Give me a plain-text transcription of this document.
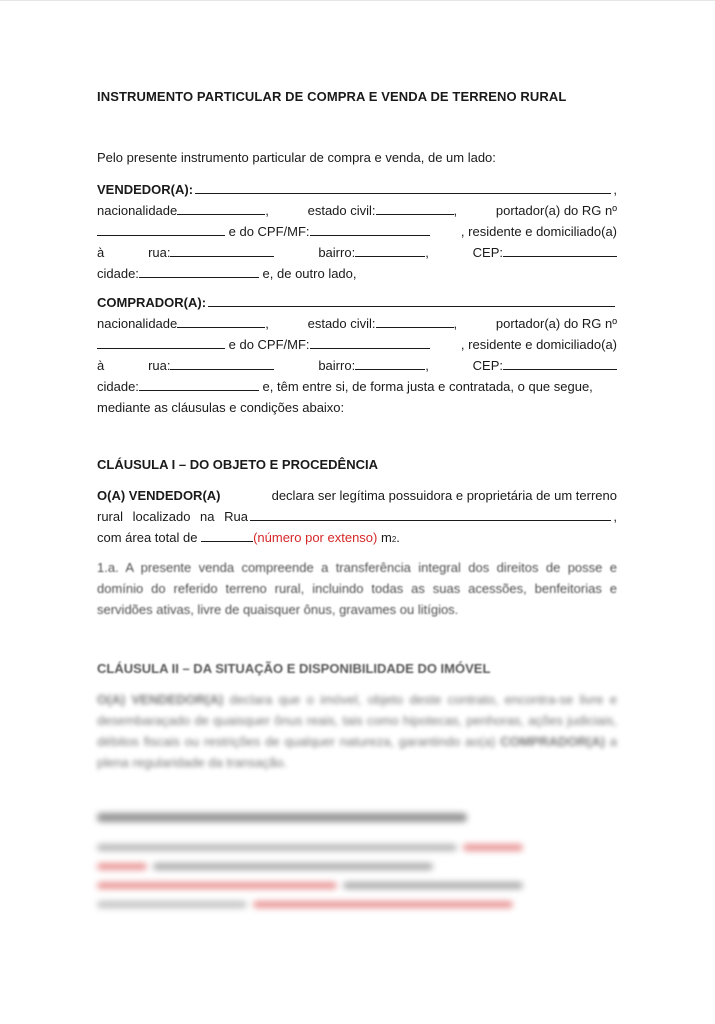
INSTRUMENTO PARTICULAR DE COMPRA E VENDA DE TERRENO RURAL
Pelo presente instrumento particular de compra e venda, de um lado:
VENDEDOR(A):	,
nacionalidade	,	estado civil:	,	portador(a) do RG nº
e do CPF/MF:	, residente e domiciliado(a)
à	rua:	bairro:	,	CEP:
cidade:
	e, de outro lado,
COMPRADOR(A):
nacionalidade	,	estado civil:	,	portador(a) do RG nº
e do CPF/MF:	, residente e domiciliado(a)
à	rua:	bairro:	,	CEP:
cidade:
	e, têm entre si, de forma justa e contratada, o que segue,
mediante as cláusulas e condições abaixo:
CLÁUSULA I – DO OBJETO E PROCEDÊNCIA
O(A) VENDEDOR(A)	declara ser legítima possuidora e proprietária de um terreno
rural localizado na Rua	,
com área total de
	(número por extenso)
m 2 .
1.a. A presente venda compreende a transferência integral dos direitos de posse e domínio do referido terreno rural, incluindo todas as suas acessões, benfeitorias e servidões ativas, livre de quaisquer ônus, gravames ou litígios.
CLÁUSULA II – DA SITUAÇÃO E DISPONIBILIDADE DO IMÓVEL
O(A) VENDEDOR(A) declara que o imóvel, objeto deste contrato, encontra-se livre e desembaraçado de quaisquer ônus reais, tais como hipotecas, penhoras, ações judiciais, débitos fiscais ou restrições de qualquer natureza, garantindo ao(a) COMPRADOR(A) a plena regularidade da transação.
